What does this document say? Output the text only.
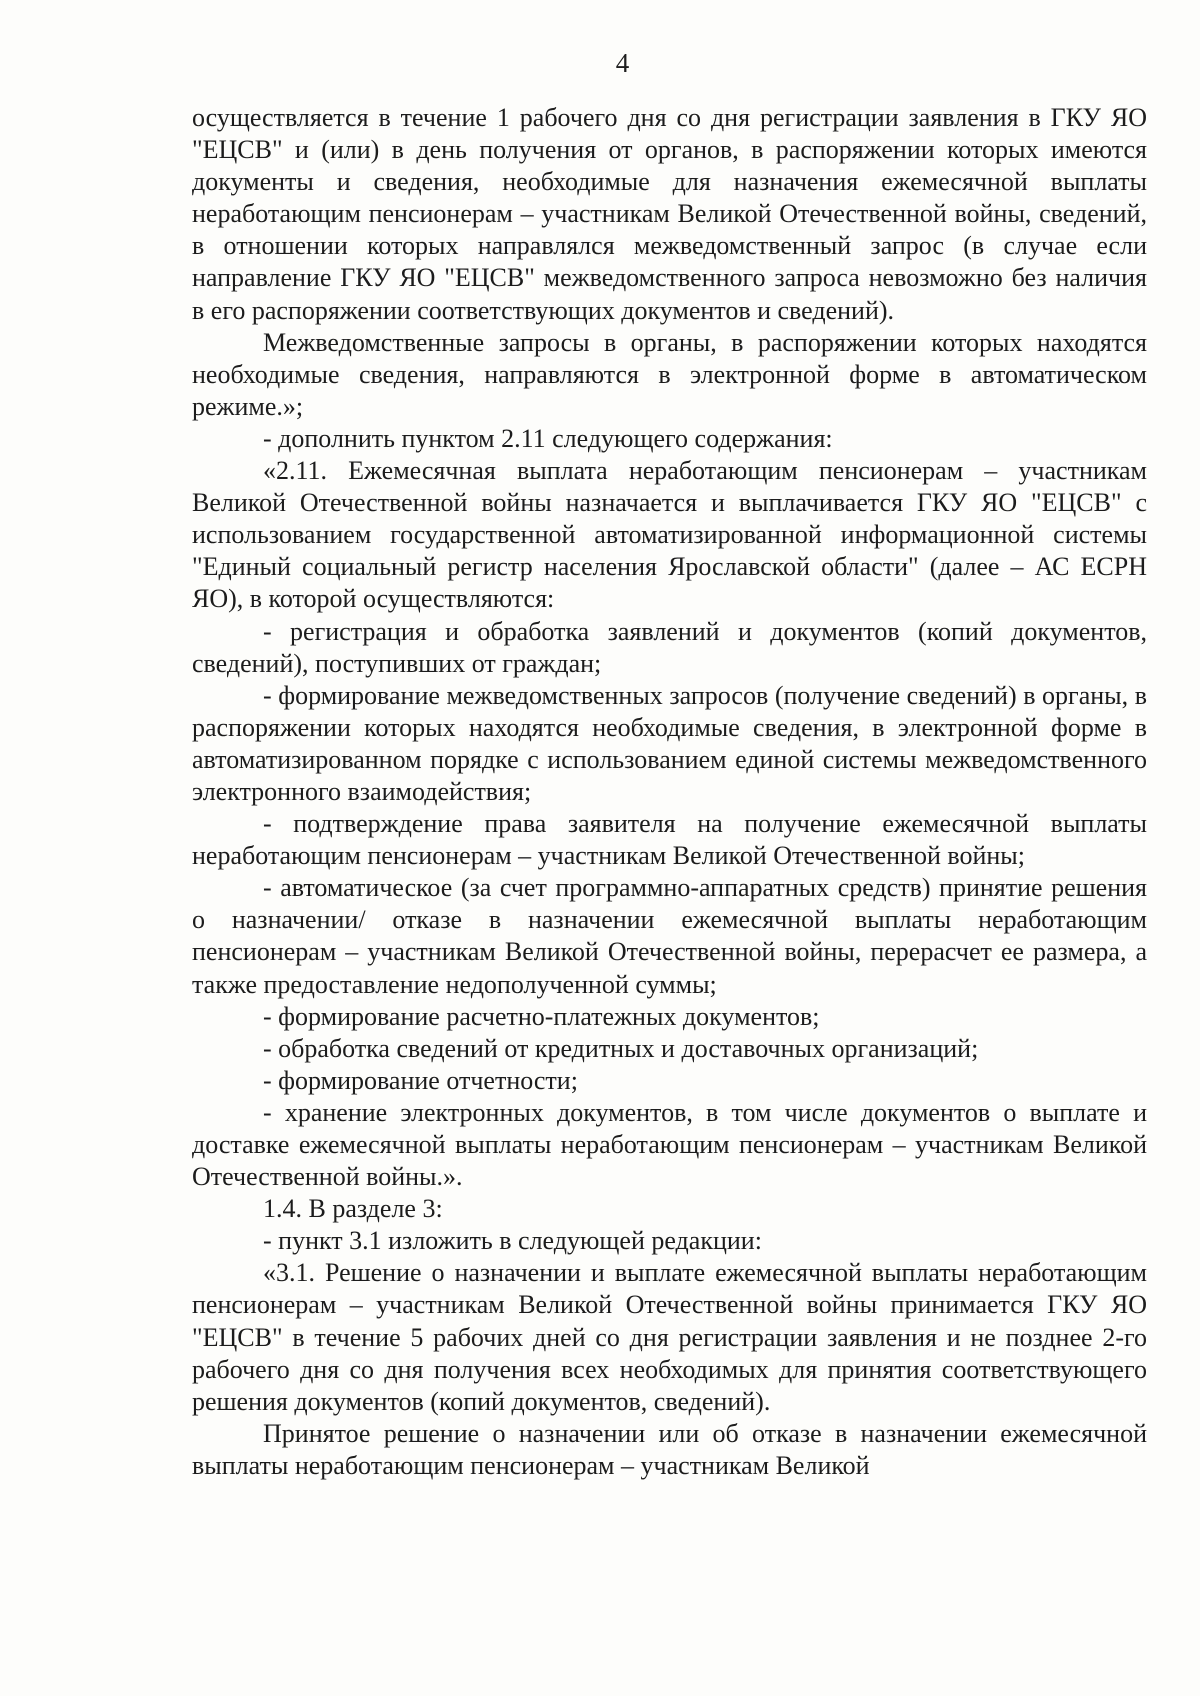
4

осуществляется в течение 1 рабочего дня со дня регистрации заявления в ГКУ ЯО "ЕЦСВ" и (или) в день получения от органов, в распоряжении которых имеются документы и сведения, необходимые для назначения ежемесячной выплаты неработающим пенсионерам – участникам Великой Отечественной войны, сведений, в отношении которых направлялся межведомственный запрос (в случае если направление ГКУ ЯО "ЕЦСВ" межведомственного запроса невозможно без наличия в его распоряжении соответствующих документов и сведений).

Межведомственные запросы в органы, в распоряжении которых находятся необходимые сведения, направляются в электронной форме в автоматическом режиме.»;

- дополнить пунктом 2.11 следующего содержания:

«2.11. Ежемесячная выплата неработающим пенсионерам – участникам Великой Отечественной войны назначается и выплачивается ГКУ ЯО "ЕЦСВ" с использованием государственной автоматизированной информационной системы "Единый социальный регистр населения Ярославской области" (далее – АС ЕСРН ЯО), в которой осуществляются:

- регистрация и обработка заявлений и документов (копий документов, сведений), поступивших от граждан;

- формирование межведомственных запросов (получение сведений) в органы, в распоряжении которых находятся необходимые сведения, в электронной форме в автоматизированном порядке с использованием единой системы межведомственного электронного взаимодействия;

- подтверждение права заявителя на получение ежемесячной выплаты неработающим пенсионерам – участникам Великой Отечественной войны;

- автоматическое (за счет программно-аппаратных средств) принятие решения о назначении/ отказе в назначении ежемесячной выплаты неработающим пенсионерам – участникам Великой Отечественной войны, перерасчет ее размера, а также предоставление недополученной суммы;

- формирование расчетно-платежных документов;

- обработка сведений от кредитных и доставочных организаций;

- формирование отчетности;

- хранение электронных документов, в том числе документов о выплате и доставке ежемесячной выплаты неработающим пенсионерам – участникам Великой Отечественной войны.».

1.4. В разделе 3:

- пункт 3.1 изложить в следующей редакции:

«3.1. Решение о назначении и выплате ежемесячной выплаты неработающим пенсионерам – участникам Великой Отечественной войны принимается ГКУ ЯО "ЕЦСВ" в течение 5 рабочих дней со дня регистрации заявления и не позднее 2-го рабочего дня со дня получения всех необходимых для принятия соответствующего решения документов (копий документов, сведений).

Принятое решение о назначении или об отказе в назначении ежемесячной выплаты неработающим пенсионерам – участникам Великой
